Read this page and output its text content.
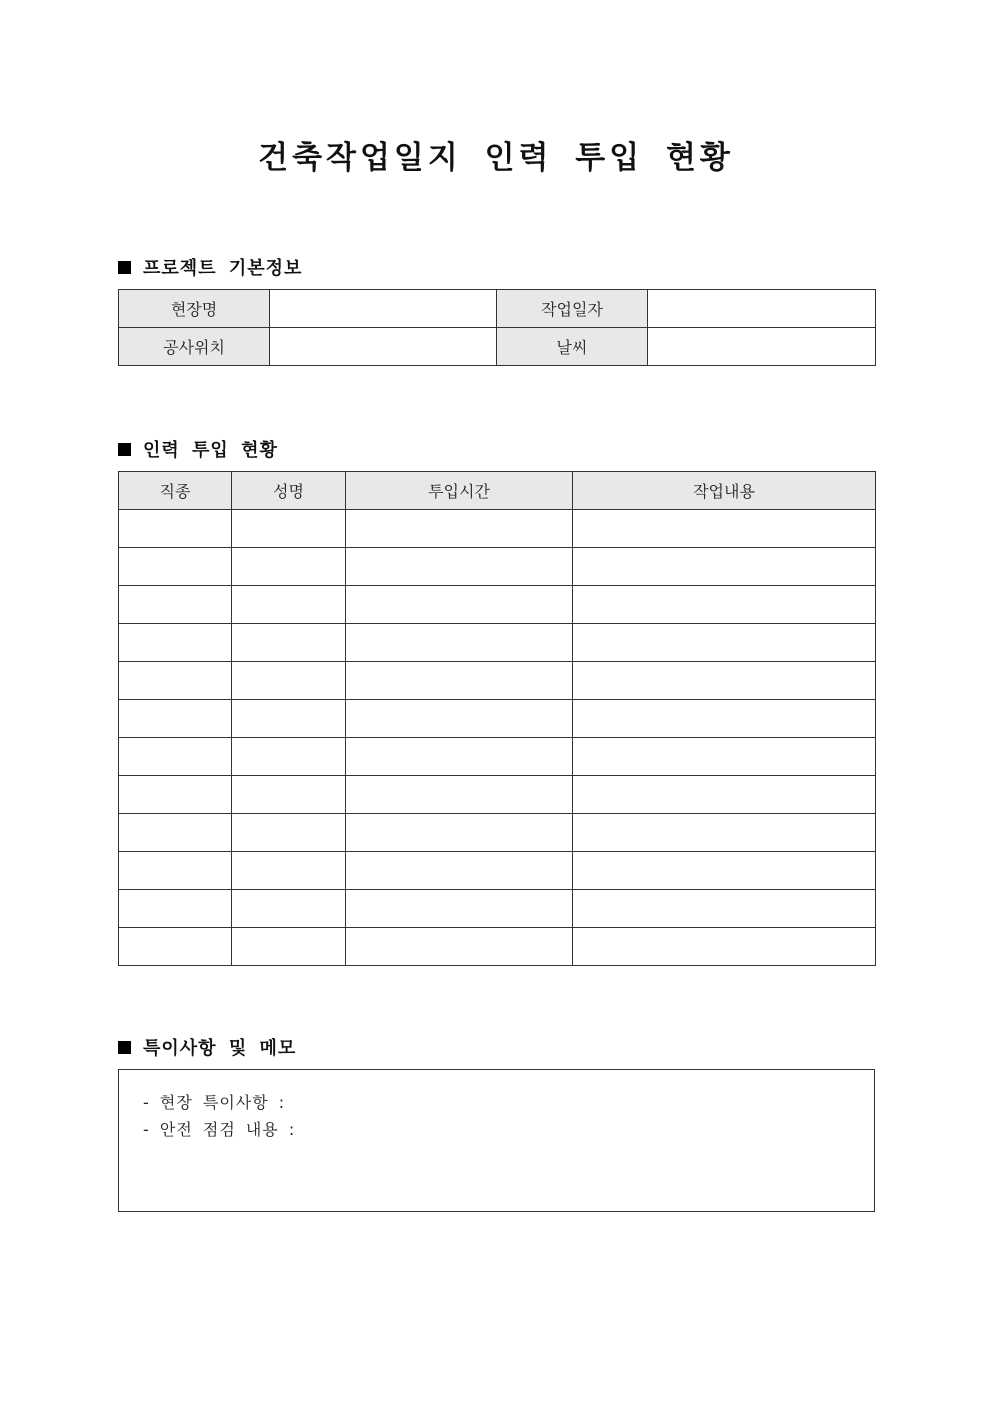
건축작업일지 인력 투입 현황
프로젝트 기본정보
현장명		작업일자	
공사위치		날씨	
인력 투입 현황
직종	성명	투입시간	작업내용

특이사항 및 메모
- 현장 특이사항 :
- 안전 점검 내용 :
